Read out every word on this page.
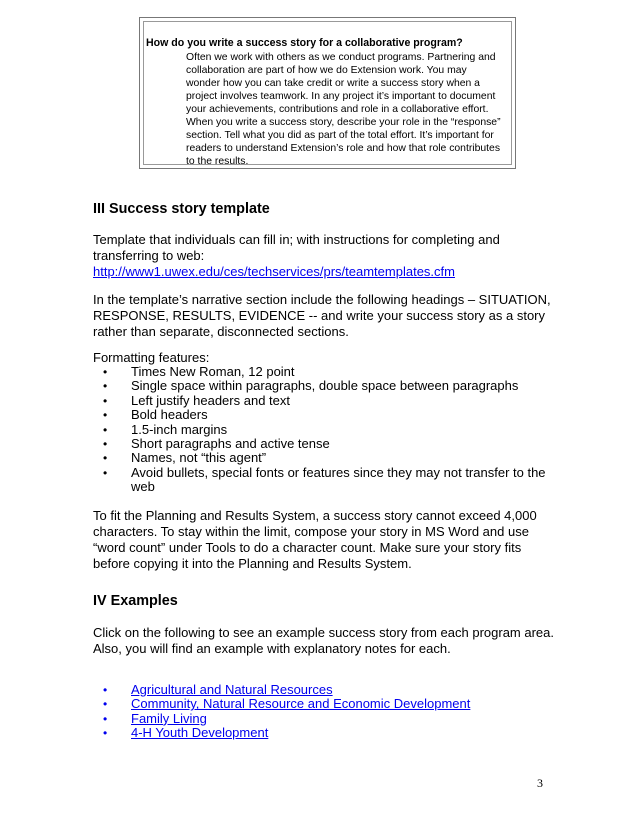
How do you write a success story for a collaborative program?
Often we work with others as we conduct programs. Partnering and
collaboration are part of how we do Extension work. You may
wonder how you can take credit or write a success story when a
project involves teamwork. In any project it’s important to document
your achievements, contributions and role in a collaborative effort.
When you write a success story, describe your role in the “response”
section. Tell what you did as part of the total effort. It’s important for
readers to understand Extension’s role and how that role contributes
to the results.
III Success story template
Template that individuals can fill in; with instructions for completing and
transferring to web:
http://www1.uwex.edu/ces/techservices/prs/teamtemplates.cfm
In the template’s narrative section include the following headings – SITUATION,
RESPONSE, RESULTS, EVIDENCE -- and write your success story as a story
rather than separate, disconnected sections.
Formatting features:
• Times New Roman, 12 point
• Single space within paragraphs, double space between paragraphs
• Left justify headers and text
• Bold headers
• 1.5-inch margins
• Short paragraphs and active tense
• Names, not “this agent”
• Avoid bullets, special fonts or features since they may not transfer to the
web
To fit the Planning and Results System, a success story cannot exceed 4,000
characters. To stay within the limit, compose your story in MS Word and use
“word count” under Tools to do a character count. Make sure your story fits
before copying it into the Planning and Results System.
IV Examples
Click on the following to see an example success story from each program area.
Also, you will find an example with explanatory notes for each.
• Agricultural and Natural Resources
• Community, Natural Resource and Economic Development
• Family Living
• 4-H Youth Development
3
